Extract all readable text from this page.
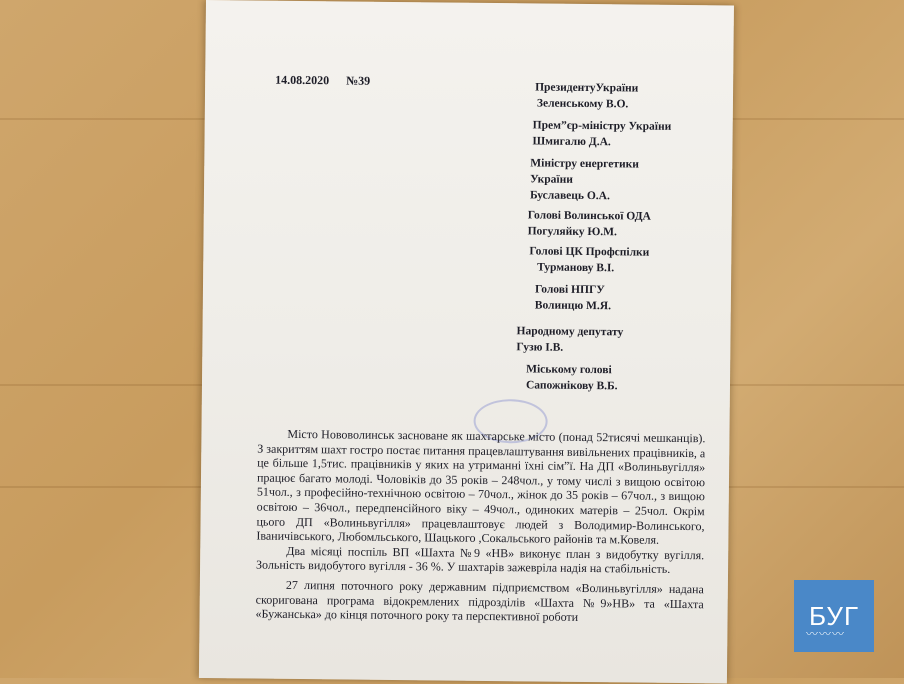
14.08.2020 №39
ПрезидентуУкраїни
Зеленському В.О.
Прем”єр-міністру України
Шмигалю Д.А.
Міністру енергетики
України
Буславець О.А.
Голові Волинської ОДА
Погуляйку Ю.М.
Голові ЦК Профспілки
Турманову В.І.
Голові НПГУ
Волинцю М.Я.
Народному депутату
Гузю І.В.
Міському голові
Сапожнікову В.Б.

Місто Нововолинськ засноване як шахтарське місто (понад 52тисячі мешканців). З закриттям шахт гостро постає питання працевлаштування вивільнених працівників, а це більше 1,5тис. працівників у яких на утриманні їхні сім”ї. На ДП «Волиньвугілля» працює багато молоді. Чоловіків до 35 років – 248чол., у тому числі з вищою освітою 51чол., з професійно-технічною освітою – 70чол., жінок до 35 років – 67чол., з вищою освітою – 36чол., передпенсійного віку – 49чол., одиноких матерів – 25чол. Окрім цього ДП «Волиньвугілля» працевлаштовує людей з Володимир-Волинського, Іваничівського, Любомльського, Шацького ,Сокальського районів та м.Ковеля.

Два місяці поспіль ВП «Шахта №9 «НВ» виконує план з видобутку вугілля. Зольність видобутого вугілля - 36 %. У шахтарів зажевріла надія на стабільність.

27 липня поточного року державним підприємством «Волиньвугілля» надана скоригована програма відокремлених підрозділів «Шахта №9»НВ» та «Шахта «Бужанська» до кінця поточного року та перспективної роботи	БУГ
〰〰〰
